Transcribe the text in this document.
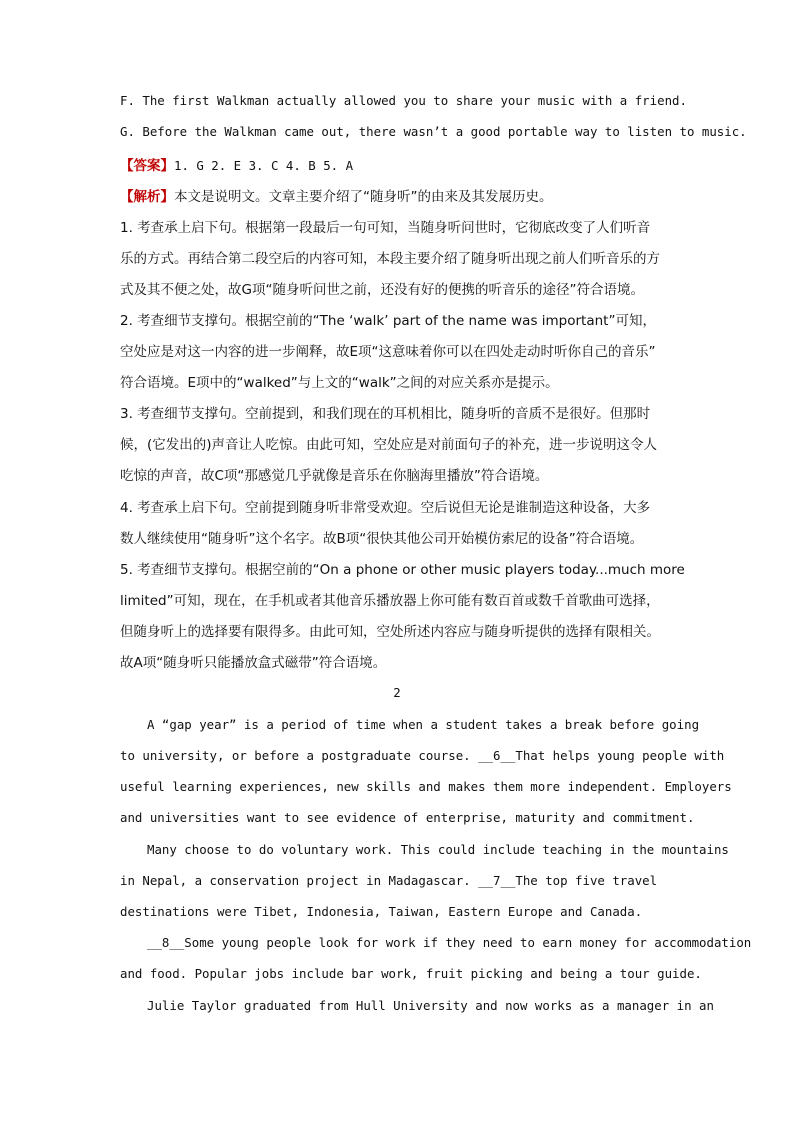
F. The first Walkman actually allowed you to share your music with a friend.
G. Before the Walkman came out, there wasn’t a good portable way to listen to music.
【答案】1. G 2. E 3. C 4. B 5. A
【解析】本文是说明文。文章主要介绍了“随身听”的由来及其发展历史。
1. 考查承上启下句。根据第一段最后一句可知，当随身听问世时，它彻底改变了人们听音
乐的方式。再结合第二段空后的内容可知，本段主要介绍了随身听出现之前人们听音乐的方
式及其不便之处，故G项“随身听问世之前，还没有好的便携的听音乐的途径”符合语境。
2. 考查细节支撑句。根据空前的“The ‘walk’ part of the name was important”可知，
空处应是对这一内容的进一步阐释，故E项“这意味着你可以在四处走动时听你自己的音乐”
符合语境。E项中的“walked”与上文的“walk”之间的对应关系亦是提示。
3. 考查细节支撑句。空前提到，和我们现在的耳机相比，随身听的音质不是很好。但那时
候，(它发出的)声音让人吃惊。由此可知，空处应是对前面句子的补充，进一步说明这令人
吃惊的声音，故C项“那感觉几乎就像是音乐在你脑海里播放”符合语境。
4. 考查承上启下句。空前提到随身听非常受欢迎。空后说但无论是谁制造这种设备，大多
数人继续使用“随身听”这个名字。故B项“很快其他公司开始模仿索尼的设备”符合语境。
5. 考查细节支撑句。根据空前的“On a phone or other music players today...much more
limited”可知，现在，在手机或者其他音乐播放器上你可能有数百首或数千首歌曲可选择，
但随身听上的选择要有限得多。由此可知，空处所述内容应与随身听提供的选择有限相关。
故A项“随身听只能播放盒式磁带”符合语境。
2
A “gap year” is a period of time when a student takes a break before going
to university, or before a postgraduate course. __6__That helps young people with
useful learning experiences, new skills and makes them more independent. Employers
and universities want to see evidence of enterprise, maturity and commitment.
Many choose to do voluntary work. This could include teaching in the mountains
in Nepal, a conservation project in Madagascar. __7__The top five travel
destinations were Tibet, Indonesia, Taiwan, Eastern Europe and Canada.
__8__Some young people look for work if they need to earn money for accommodation
and food. Popular jobs include bar work, fruit picking and being a tour guide.
Julie Taylor graduated from Hull University and now works as a manager in an
